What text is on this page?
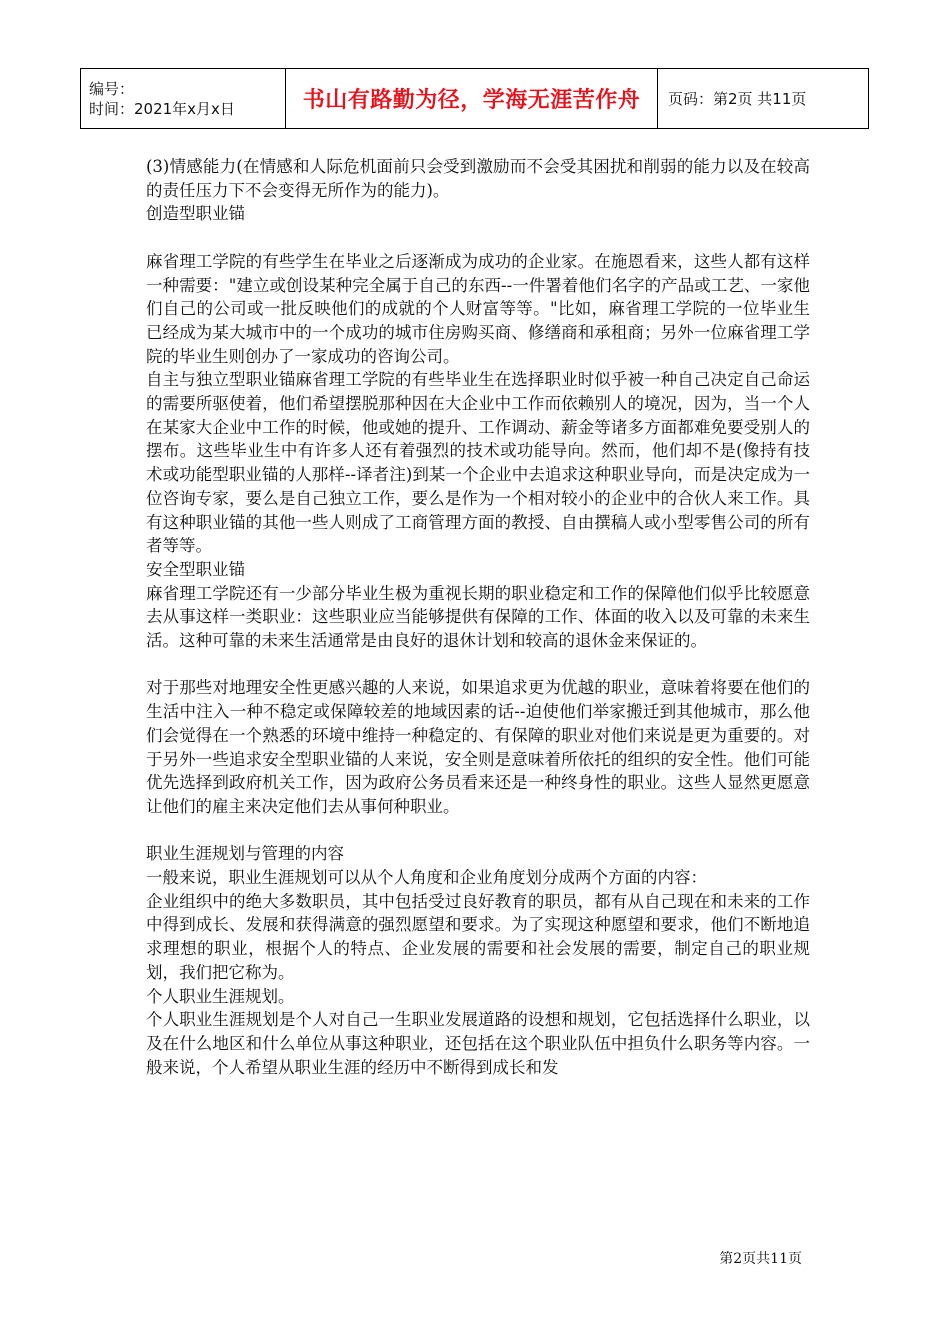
编号：
时间：2021年x月x日	书山有路勤为径，学海无涯苦作舟	页码：第2页 共11页

(3)情感能力(在情感和人际危机面前只会受到激励而不会受其困扰和削弱的能力以及在较高的责任压力下不会变得无所作为的能力)。

创造型职业锚

麻省理工学院的有些学生在毕业之后逐渐成为成功的企业家。在施恩看来，这些人都有这样一种需要："建立或创设某种完全属于自己的东西--一件署着他们名字的产品或工艺、一家他们自己的公司或一批反映他们的成就的个人财富等等。"比如，麻省理工学院的一位毕业生已经成为某大城市中的一个成功的城市住房购买商、修缮商和承租商；另外一位麻省理工学院的毕业生则创办了一家成功的咨询公司。

自主与独立型职业锚麻省理工学院的有些毕业生在选择职业时似乎被一种自己决定自己命运的需要所驱使着，他们希望摆脱那种因在大企业中工作而依赖别人的境况，因为，当一个人在某家大企业中工作的时候，他或她的提升、工作调动、薪金等诸多方面都难免要受别人的摆布。这些毕业生中有许多人还有着强烈的技术或功能导向。然而，他们却不是(像持有技术或功能型职业锚的人那样--译者注)到某一个企业中去追求这种职业导向，而是决定成为一位咨询专家，要么是自己独立工作，要么是作为一个相对较小的企业中的合伙人来工作。具有这种职业锚的其他一些人则成了工商管理方面的教授、自由撰稿人或小型零售公司的所有者等等。

安全型职业锚

麻省理工学院还有一少部分毕业生极为重视长期的职业稳定和工作的保障他们似乎比较愿意去从事这样一类职业：这些职业应当能够提供有保障的工作、体面的收入以及可靠的未来生活。这种可靠的未来生活通常是由良好的退休计划和较高的退休金来保证的。

对于那些对地理安全性更感兴趣的人来说，如果追求更为优越的职业，意味着将要在他们的生活中注入一种不稳定或保障较差的地域因素的话--迫使他们举家搬迁到其他城市，那么他们会觉得在一个熟悉的环境中维持一种稳定的、有保障的职业对他们来说是更为重要的。对于另外一些追求安全型职业锚的人来说，安全则是意味着所依托的组织的安全性。他们可能优先选择到政府机关工作，因为政府公务员看来还是一种终身性的职业。这些人显然更愿意让他们的雇主来决定他们去从事何种职业。

职业生涯规划与管理的内容

一般来说，职业生涯规划可以从个人角度和企业角度划分成两个方面的内容：

企业组织中的绝大多数职员，其中包括受过良好教育的职员，都有从自己现在和未来的工作中得到成长、发展和获得满意的强烈愿望和要求。为了实现这种愿望和要求，他们不断地追求理想的职业，根据个人的特点、企业发展的需要和社会发展的需要，制定自己的职业规划，我们把它称为。

个人职业生涯规划。

个人职业生涯规划是个人对自己一生职业发展道路的设想和规划，它包括选择什么职业，以及在什么地区和什么单位从事这种职业，还包括在这个职业队伍中担负什么职务等内容。一般来说，个人希望从职业生涯的经历中不断得到成长和发

第2页共11页
